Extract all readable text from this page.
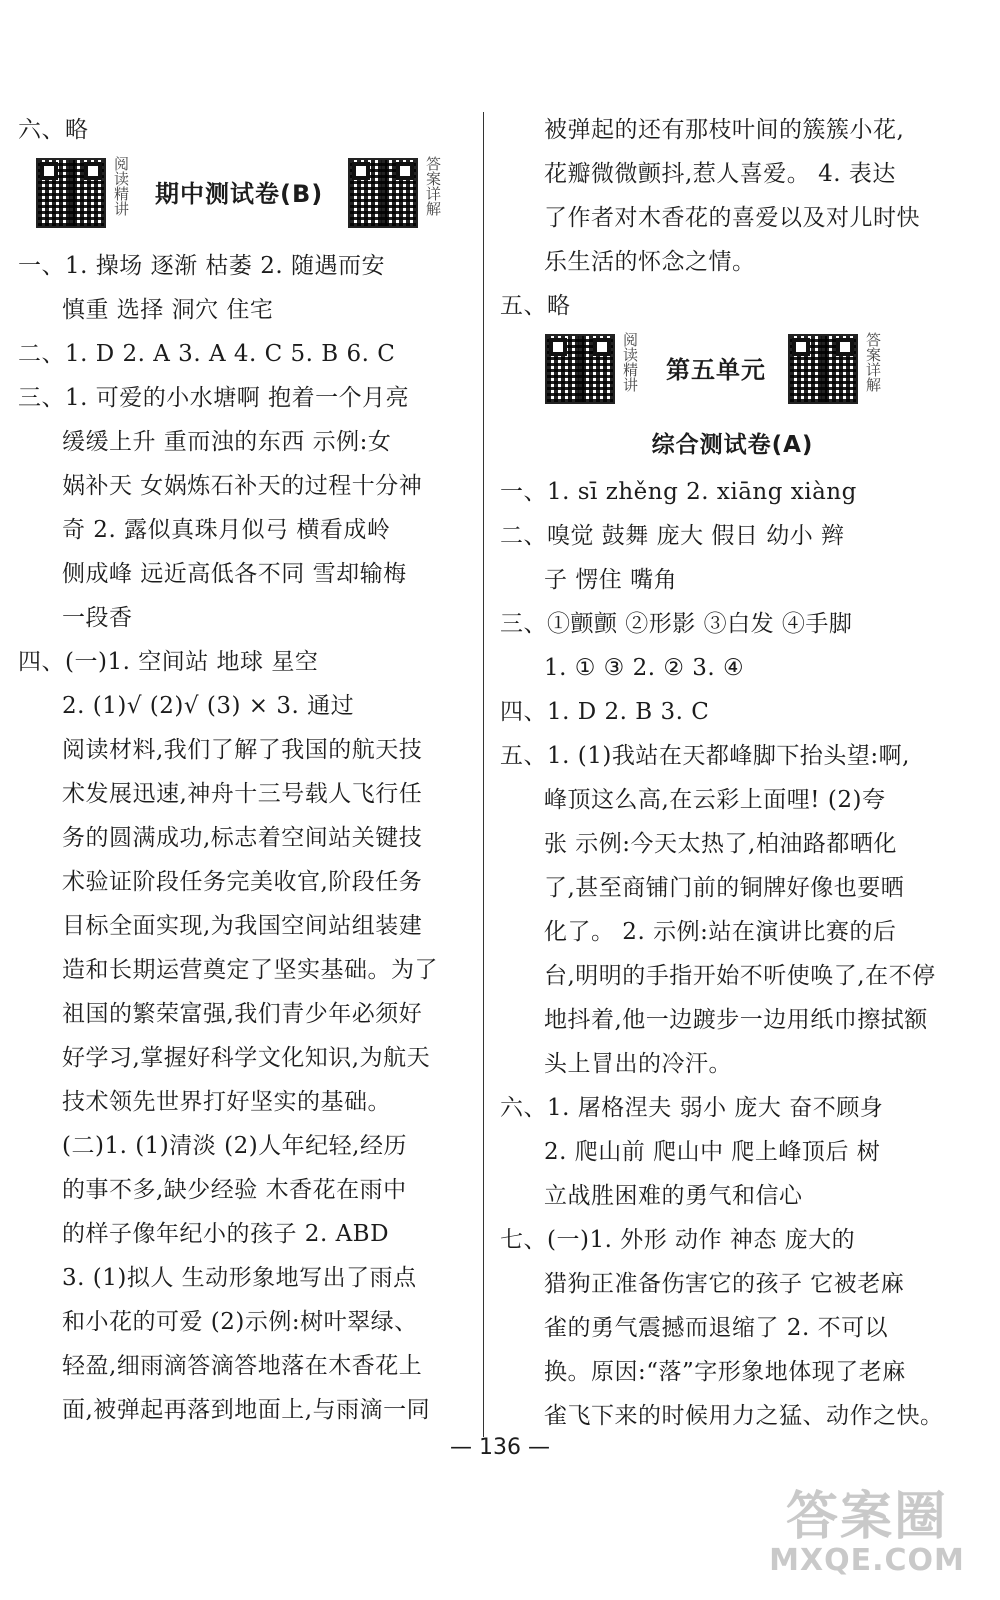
六、略
阅读精讲 期中测试卷(B)	答案详解
一、1. 操场 逐渐 枯萎 2. 随遇而安
慎重 选择 洞穴 住宅
二、1. D 2. A 3. A 4. C 5. B 6. C
三、1. 可爱的小水塘啊 抱着一个月亮
缓缓上升 重而浊的东西 示例:女
娲补天 女娲炼石补天的过程十分神
奇 2. 露似真珠月似弓 横看成岭
侧成峰 远近高低各不同 雪却输梅
一段香
四、(一)1. 空间站 地球 星空
2. (1)√ (2)√ (3) × 3. 通过
阅读材料,我们了解了我国的航天技
术发展迅速,神舟十三号载人飞行任
务的圆满成功,标志着空间站关键技
术验证阶段任务完美收官,阶段任务
目标全面实现,为我国空间站组装建
造和长期运营奠定了坚实基础。为了
祖国的繁荣富强,我们青少年必须好
好学习,掌握好科学文化知识,为航天
技术领先世界打好坚实的基础。
(二)1. (1)清淡 (2)人年纪轻,经历
的事不多,缺少经验 木香花在雨中
的样子像年纪小的孩子 2. ABD
3. (1)拟人 生动形象地写出了雨点
和小花的可爱 (2)示例:树叶翠绿、
轻盈,细雨滴答滴答地落在木香花上
面,被弹起再落到地面上,与雨滴一同
被弹起的还有那枝叶间的簇簇小花,
花瓣微微颤抖,惹人喜爱。 4. 表达
了作者对木香花的喜爱以及对儿时快
乐生活的怀念之情。
五、略
阅读精讲 第五单元	答案详解
综合测试卷(A)
一、1. sī zhěng 2. xiāng xiàng
二、嗅觉 鼓舞 庞大 假日 幼小 辫
子 愣住 嘴角
三、①颤颤 ②形影 ③白发 ④手脚
1. ① ③ 2. ② 3. ④
四、1. D 2. B 3. C
五、1. (1)我站在天都峰脚下抬头望:啊,
峰顶这么高,在云彩上面哩! (2)夸
张 示例:今天太热了,柏油路都晒化
了,甚至商铺门前的铜牌好像也要晒
化了。 2. 示例:站在演讲比赛的后
台,明明的手指开始不听使唤了,在不停
地抖着,他一边踱步一边用纸巾擦拭额
头上冒出的冷汗。
六、1. 屠格涅夫 弱小 庞大 奋不顾身
2. 爬山前 爬山中 爬上峰顶后 树
立战胜困难的勇气和信心
七、(一)1. 外形 动作 神态 庞大的
猎狗正准备伤害它的孩子 它被老麻
雀的勇气震撼而退缩了 2. 不可以
换。原因:“落”字形象地体现了老麻
雀飞下来的时候用力之猛、动作之快。
— 136 —
答案圈
MXQE.COM
